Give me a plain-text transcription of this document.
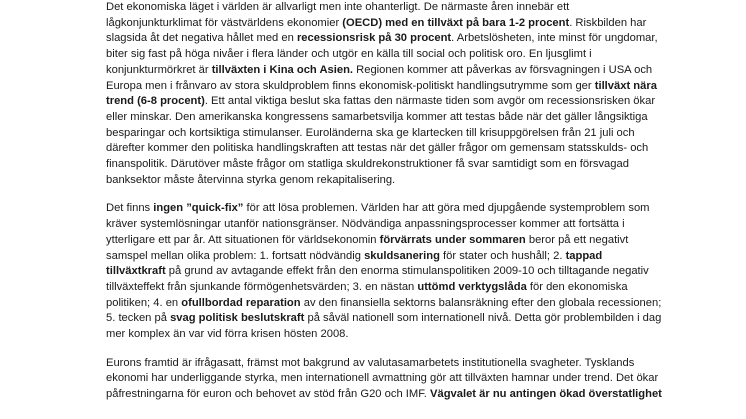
Det ekonomiska läget i världen är allvarligt men inte ohanterligt. De närmaste åren innebär ett lågkonjunkturklimat för västvärldens ekonomier (OECD) med en tillväxt på bara 1-2 procent. Riskbilden har slagsida åt det negativa hållet med en recessionsrisk på 30 procent. Arbetslösheten, inte minst för ungdomar, biter sig fast på höga nivåer i flera länder och utgör en källa till social och politisk oro. En ljusglimt i konjunkturmörkret är tillväxten i Kina och Asien. Regionen kommer att påverkas av försvagningen i USA och Europa men i frånvaro av stora skuldproblem finns ekonomisk-politiskt handlingsutrymme som ger tillväxt nära trend (6-8 procent). Ett antal viktiga beslut ska fattas den närmaste tiden som avgör om recessionsrisken ökar eller minskar. Den amerikanska kongressens samarbetsvilja kommer att testas både när det gäller långsiktiga besparingar och kortsiktiga stimulanser. Euroländerna ska ge klartecken till krisuppgörelsen från 21 juli och därefter kommer den politiska handlingskraften att testas när det gäller frågor om gemensam statsskulds- och finanspolitik. Därutöver måste frågor om statliga skuldrekonstruktioner få svar samtidigt som en försvagad banksektor måste återvinna styrka genom rekapitalisering.

Det finns ingen ”quick-fix” för att lösa problemen. Världen har att göra med djupgående systemproblem som kräver systemlösningar utanför nationsgränser. Nödvändiga anpassningsprocesser kommer att fortsätta i ytterligare ett par år. Att situationen för världsekonomin förvärrats under sommaren beror på ett negativt samspel mellan olika problem: 1. fortsatt nödvändig skuldsanering för stater och hushåll; 2. tappad tillväxtkraft på grund av avtagande effekt från den enorma stimulanspolitiken 2009-10 och tilltagande negativ tillväxteffekt från sjunkande förmögenhetsvärden; 3. en nästan uttömd verktygslåda för den ekonomiska politiken; 4. en ofullbordad reparation av den finansiella sektorns balansräkning efter den globala recessionen; 5. tecken på svag politisk beslutskraft på såväl nationell som internationell nivå. Detta gör problembilden i dag mer komplex än var vid förra krisen hösten 2008.

Eurons framtid är ifrågasatt, främst mot bakgrund av valutasamarbetets institutionella svagheter. Tysklands ekonomi har underliggande styrka, men internationell avmattning gör att tillväxten hamnar under trend. Det ökar påfrestningarna för euron och behovet av stöd från G20 och IMF. Vägvalet är nu antingen ökad överstatlighet
